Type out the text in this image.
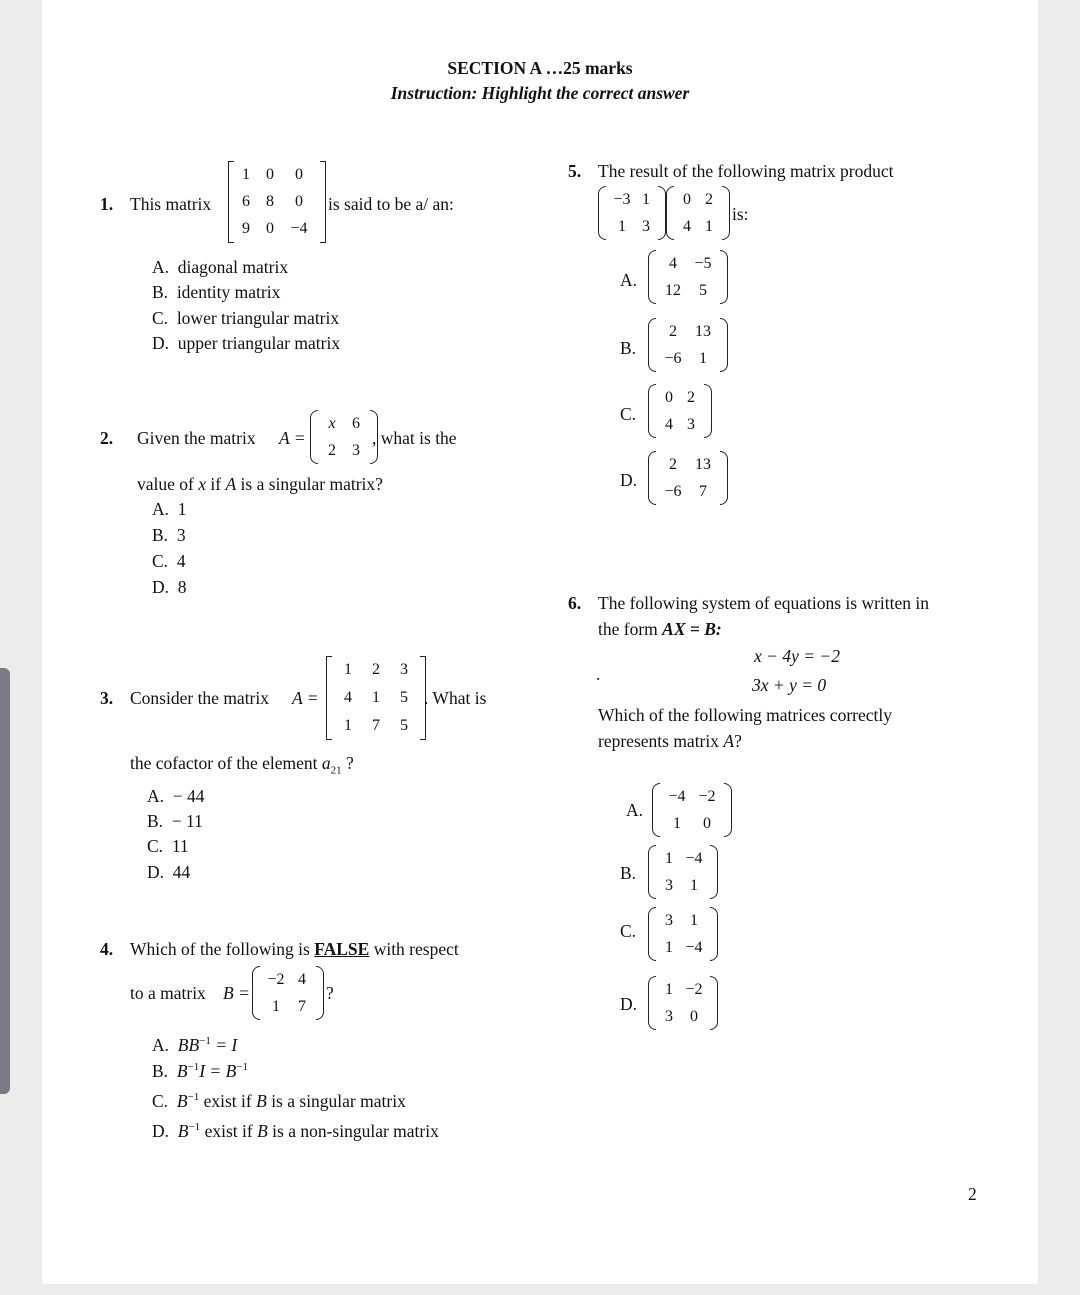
SECTION A …25 marks
Instruction: Highlight the correct answer
1. This matrix
1 0 0
6 8 0
9 0 −4
is said to be a/ an:
A. diagonal matrix
B. identity matrix
C. lower triangular matrix
D. upper triangular matrix
2. Given the matrix A =
x 6
2 3
, what is the
value of x if A is a singular matrix?
A. 1
B. 3
C. 4
D. 8
3. Consider the matrix A =
1 2 3
4 1 5
1 7 5
. What is
the cofactor of the element $a_{21}$ ?
A. − 44
B. − 11
C. 11
D. 44
4. Which of the following is FALSE with respect
to a matrix B =
−2 4
1 7
?
A. $BB^{-1} = I$
B. $B^{-1}I = B^{-1}$
C. $B^{-1}$ exist if B is a singular matrix
D. $B^{-1}$ exist if B is a non-singular matrix
5. The result of the following matrix product
−3 1
1 3
0 2
4 1
is:
A.
4 −5
12 5
B.
2 13
−6 1
C.
0 2
4 3
D.
2 13
−6 7
6. The following system of equations is written in
the form AX = B:
.
x − 4y = −2
3x + y = 0
Which of the following matrices correctly
represents matrix A?
A.
−4 −2
1 0
B.
1 −4
3 1
C.
3 1
1 −4
D.
1 −2
3 0
2
